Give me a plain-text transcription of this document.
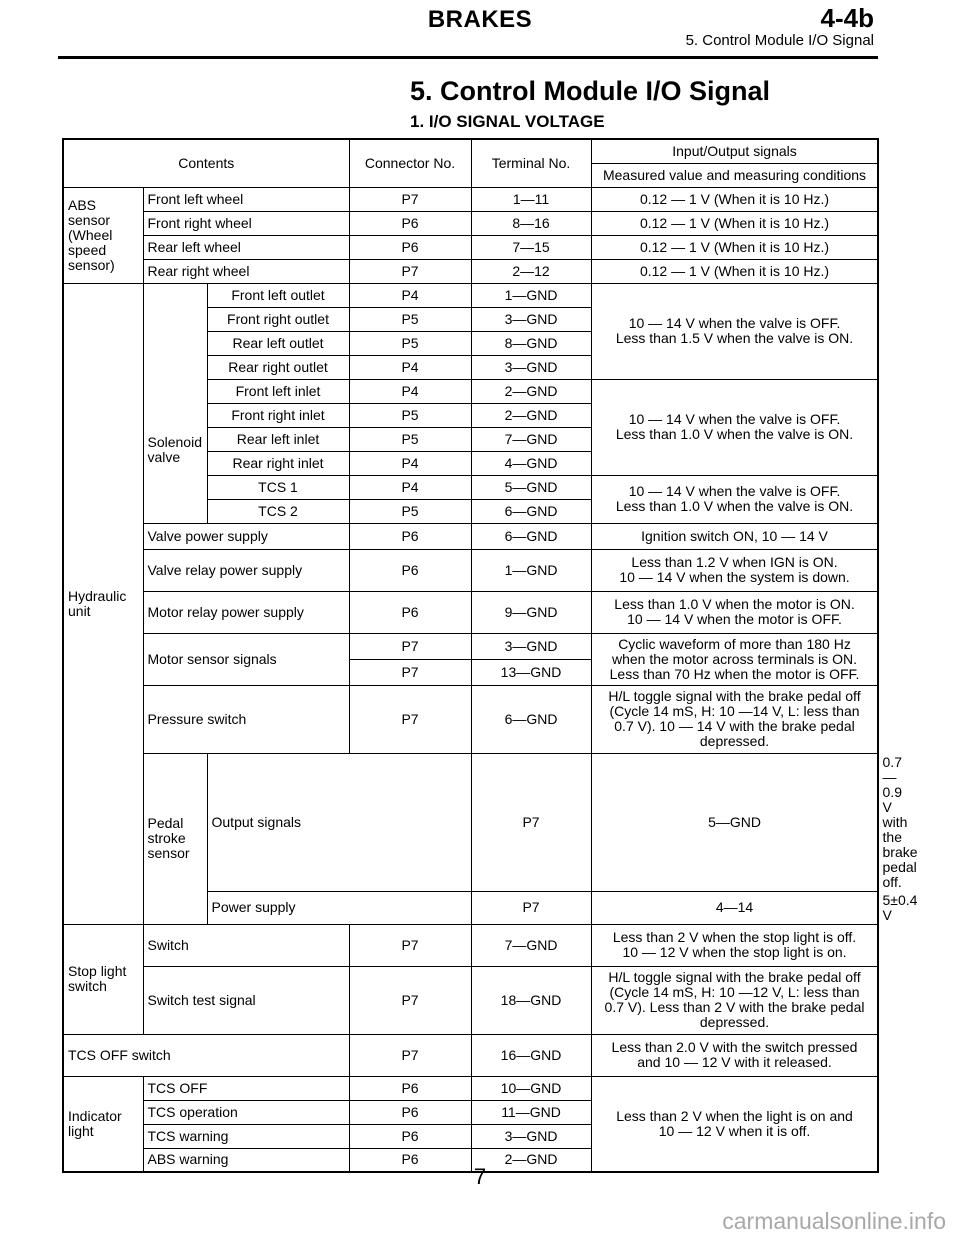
BRAKES	4-4b
5. Control Module I/O Signal
5. Control Module I/O Signal
1. I/O SIGNAL VOLTAGE
Contents			Connector No.	Terminal No.	Input/Output signals	
					Measured value and measuring conditions	
ABS sensor (Wheel speed sensor)	Front left wheel		P7	1—11	0.12 — 1 V (When it is 10 Hz.)	
	Front right wheel		P6	8—16	0.12 — 1 V (When it is 10 Hz.)	
	Rear left wheel		P6	7—15	0.12 — 1 V (When it is 10 Hz.)	
	Rear right wheel		P7	2—12	0.12 — 1 V (When it is 10 Hz.)	
Hydraulic unit	Solenoid valve	Front left outlet	P4	1—GND	10 — 14 V when the valve is OFF.
Less than 1.5 V when the valve is ON.	

		Front right outlet	P5	3—GND		
		Rear left outlet	P5	8—GND		
		Rear right outlet	P4	3—GND		
		Front left inlet	P4	2—GND	10 — 14 V when the valve is OFF.
Less than 1.0 V when the valve is ON.	

		Front right inlet	P5	2—GND		
		Rear left inlet	P5	7—GND		
		Rear right inlet	P4	4—GND		
		TCS 1	P4	5—GND	10 — 14 V when the valve is OFF.
Less than 1.0 V when the valve is ON.	

		TCS 2	P5	6—GND		
	Valve power supply		P6	6—GND	Ignition switch ON, 10 — 14 V	
	Valve relay power supply		P6	1—GND	Less than 1.2 V when IGN is ON.
10 — 14 V when the system is down.	

	Motor relay power supply		P6	9—GND	Less than 1.0 V when the motor is ON.
10 — 14 V when the motor is OFF.	

	Motor sensor signals		P7	3—GND	Cyclic waveform of more than 180 Hz
when the motor across terminals is ON.
Less than 70 Hz when the motor is OFF.	

			P7	13—GND		
	Pressure switch		P7	6—GND	H/L toggle signal with the brake pedal off
(Cycle 14 mS, H: 10 —14 V, L: less than
0.7 V). 10 — 14 V with the brake pedal
depressed.	

	Pedal stroke sensor	Output signals		P7	5—GND	0.7 — 0.9 V with the brake pedal off.
		Power supply		P7	4—14	5±0.4 V
Stop light switch	Switch		P7	7—GND	Less than 2 V when the stop light is off.
10 — 12 V when the stop light is on.	

	Switch test signal		P7	18—GND	H/L toggle signal with the brake pedal off
(Cycle 14 mS, H: 10 —12 V, L: less than
0.7 V). Less than 2 V with the brake pedal
depressed.	

TCS OFF switch			P7	16—GND	Less than 2.0 V with the switch pressed
and 10 — 12 V with it released.	

Indicator light	TCS OFF		P6	10—GND	Less than 2 V when the light is on and
10 — 12 V when it is off.	

	TCS operation		P6	11—GND		
	TCS warning		P6	3—GND		
	ABS warning		P6	2—GND		
7
carmanualsonline.info
